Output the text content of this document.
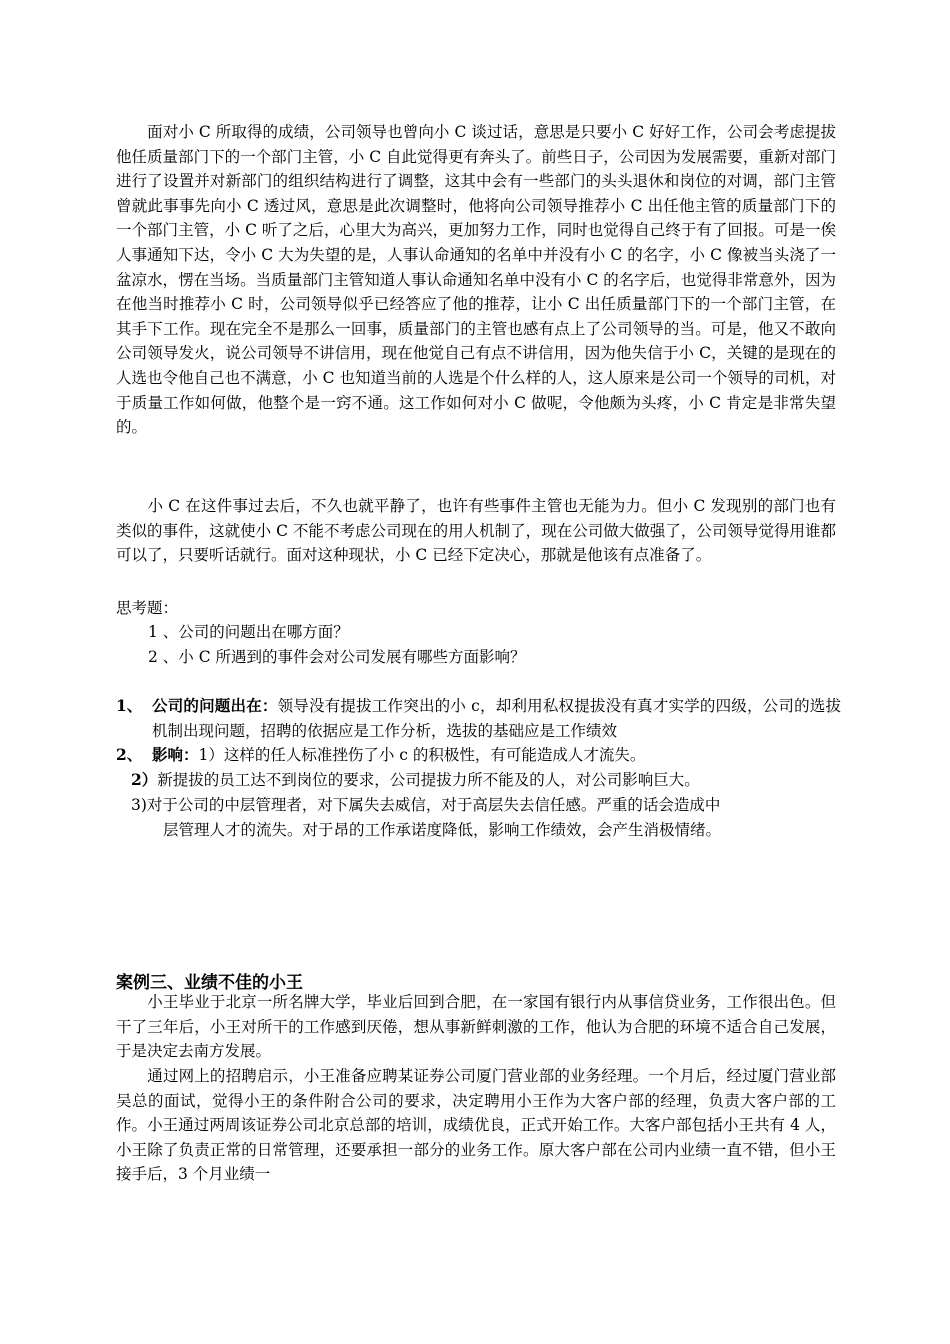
　　面对小 C 所取得的成绩，公司领导也曾向小 C 谈过话，意思是只要小 C 好好工作，公司会考虑提拔他任质量部门下的一个部门主管，小 C 自此觉得更有奔头了。前些日子，公司因为发展需要，重新对部门进行了设置并对新部门的组织结构进行了调整，这其中会有一些部门的头头退休和岗位的对调，部门主管曾就此事事先向小 C 透过风，意思是此次调整时，他将向公司领导推荐小 C 出任他主管的质量部门下的一个部门主管，小 C 听了之后，心里大为高兴，更加努力工作，同时也觉得自己终于有了回报。可是一俟人事通知下达，令小 C 大为失望的是，人事认命通知的名单中并没有小 C 的名字，小 C 像被当头浇了一盆凉水，愣在当场。当质量部门主管知道人事认命通知名单中没有小 C 的名字后，也觉得非常意外，因为在他当时推荐小 C 时，公司领导似乎已经答应了他的推荐，让小 C 出任质量部门下的一个部门主管，在其手下工作。现在完全不是那么一回事，质量部门的主管也感有点上了公司领导的当。可是，他又不敢向公司领导发火，说公司领导不讲信用，现在他觉自己有点不讲信用，因为他失信于小 C，关键的是现在的人选也令他自己也不满意，小 C 也知道当前的人选是个什么样的人，这人原来是公司一个领导的司机，对于质量工作如何做，他整个是一窍不通。这工作如何对小 C 做呢，令他颇为头疼，小 C 肯定是非常失望的。

　　小 C 在这件事过去后，不久也就平静了，也许有些事件主管也无能为力。但小 C 发现别的部门也有类似的事件，这就使小 C 不能不考虑公司现在的用人机制了，现在公司做大做强了，公司领导觉得用谁都可以了，只要听话就行。面对这种现状，小 C 已经下定决心，那就是他该有点准备了。

思考题：

1 、公司的问题出在哪方面？

2 、小 C 所遇到的事件会对公司发展有哪些方面影响？

1、 公司的问题出在：领导没有提拔工作突出的小 c，却利用私权提拔没有真才实学的四级，公司的选拔机制出现问题，招聘的依据应是工作分析，选拔的基础应是工作绩效
2、 影响：1）这样的任人标准挫伤了小 c 的积极性，有可能造成人才流失。

2）新提拔的员工达不到岗位的要求，公司提拔力所不能及的人，对公司影响巨大。

3)对于公司的中层管理者，对下属失去威信，对于高层失去信任感。严重的话会造成中

层管理人才的流失。对于昂的工作承诺度降低，影响工作绩效，会产生消极情绪。

案例三、业绩不佳的小王

　　小王毕业于北京一所名牌大学，毕业后回到合肥，在一家国有银行内从事信贷业务，工作很出色。但干了三年后，小王对所干的工作感到厌倦，想从事新鲜刺激的工作，他认为合肥的环境不适合自己发展，于是决定去南方发展。

　　通过网上的招聘启示，小王准备应聘某证券公司厦门营业部的业务经理。一个月后，经过厦门营业部吴总的面试，觉得小王的条件附合公司的要求，决定聘用小王作为大客户部的经理，负责大客户部的工作。小王通过两周该证券公司北京总部的培训，成绩优良，正式开始工作。大客户部包括小王共有 4 人，小王除了负责正常的日常管理，还要承担一部分的业务工作。原大客户部在公司内业绩一直不错，但小王接手后，3 个月业绩一
